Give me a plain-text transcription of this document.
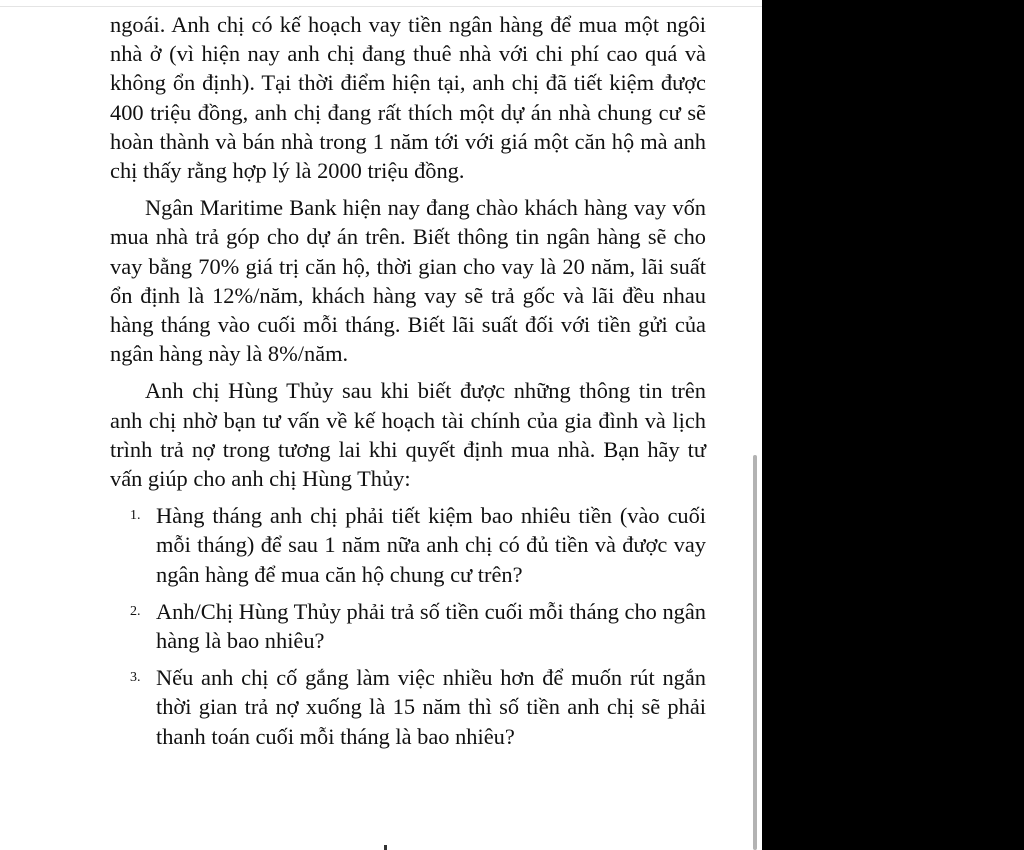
ngoái. Anh chị có kế hoạch vay tiền ngân hàng để mua một ngôi nhà ở (vì hiện nay anh chị đang thuê nhà với chi phí cao quá và không ổn định). Tại thời điểm hiện tại, anh chị đã tiết kiệm được 400 triệu đồng, anh chị đang rất thích một dự án nhà chung cư sẽ hoàn thành và bán nhà trong 1 năm tới với giá một căn hộ mà anh chị thấy rằng hợp lý là 2000 triệu đồng.

Ngân Maritime Bank hiện nay đang chào khách hàng vay vốn mua nhà trả góp cho dự án trên. Biết thông tin ngân hàng sẽ cho vay bằng 70% giá trị căn hộ, thời gian cho vay là 20 năm, lãi suất ổn định là 12%/năm, khách hàng vay sẽ trả gốc và lãi đều nhau hàng tháng vào cuối mỗi tháng. Biết lãi suất đối với tiền gửi của ngân hàng này là 8%/năm.

Anh chị Hùng Thủy sau khi biết được những thông tin trên anh chị nhờ bạn tư vấn về kế hoạch tài chính của gia đình và lịch trình trả nợ trong tương lai khi quyết định mua nhà. Bạn hãy tư vấn giúp cho anh chị Hùng Thủy:

1. Hàng tháng anh chị phải tiết kiệm bao nhiêu tiền (vào cuối mỗi tháng) để sau 1 năm nữa anh chị có đủ tiền và được vay ngân hàng để mua căn hộ chung cư trên?
2. Anh/Chị Hùng Thủy phải trả số tiền cuối mỗi tháng cho ngân hàng là bao nhiêu?
3. Nếu anh chị cố gắng làm việc nhiều hơn để muốn rút ngắn thời gian trả nợ xuống là 15 năm thì số tiền anh chị sẽ phải thanh toán cuối mỗi tháng là bao nhiêu?
